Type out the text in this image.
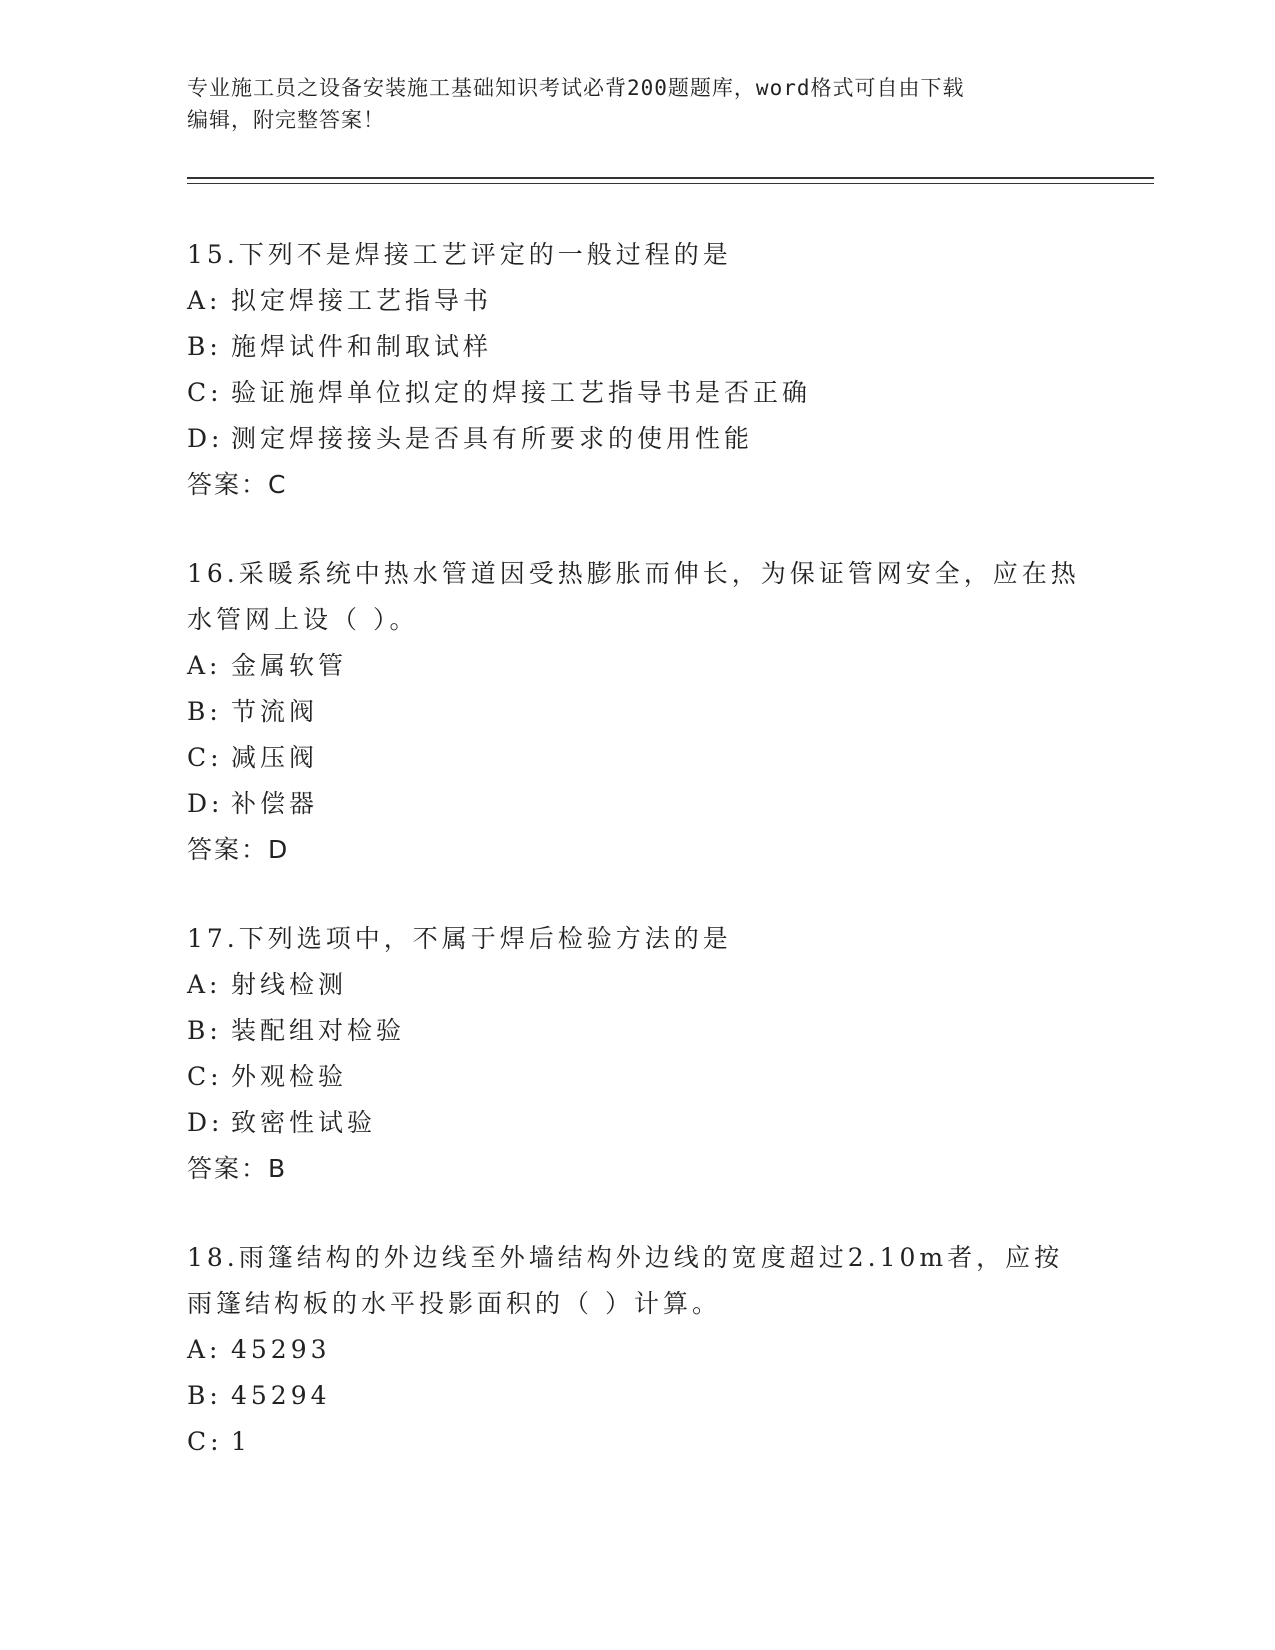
专业施工员之设备安装施工基础知识考试必背200题题库，word格式可自由下载
编辑，附完整答案！

15.下列不是焊接工艺评定的一般过程的是

A: 拟定焊接工艺指导书

B: 施焊试件和制取试样

C: 验证施焊单位拟定的焊接工艺指导书是否正确

D: 测定焊接接头是否具有所要求的使用性能

答案：C

16.采暖系统中热水管道因受热膨胀而伸长，为保证管网安全，应在热水管网上设（ ）。

A: 金属软管

B: 节流阀

C: 减压阀

D: 补偿器

答案：D

17.下列选项中，不属于焊后检验方法的是

A: 射线检测

B: 装配组对检验

C: 外观检验

D: 致密性试验

答案：B

18.雨篷结构的外边线至外墙结构外边线的宽度超过2.10m者，应按雨篷结构板的水平投影面积的（ ）计算。

A: 45293

B: 45294

C: 1
